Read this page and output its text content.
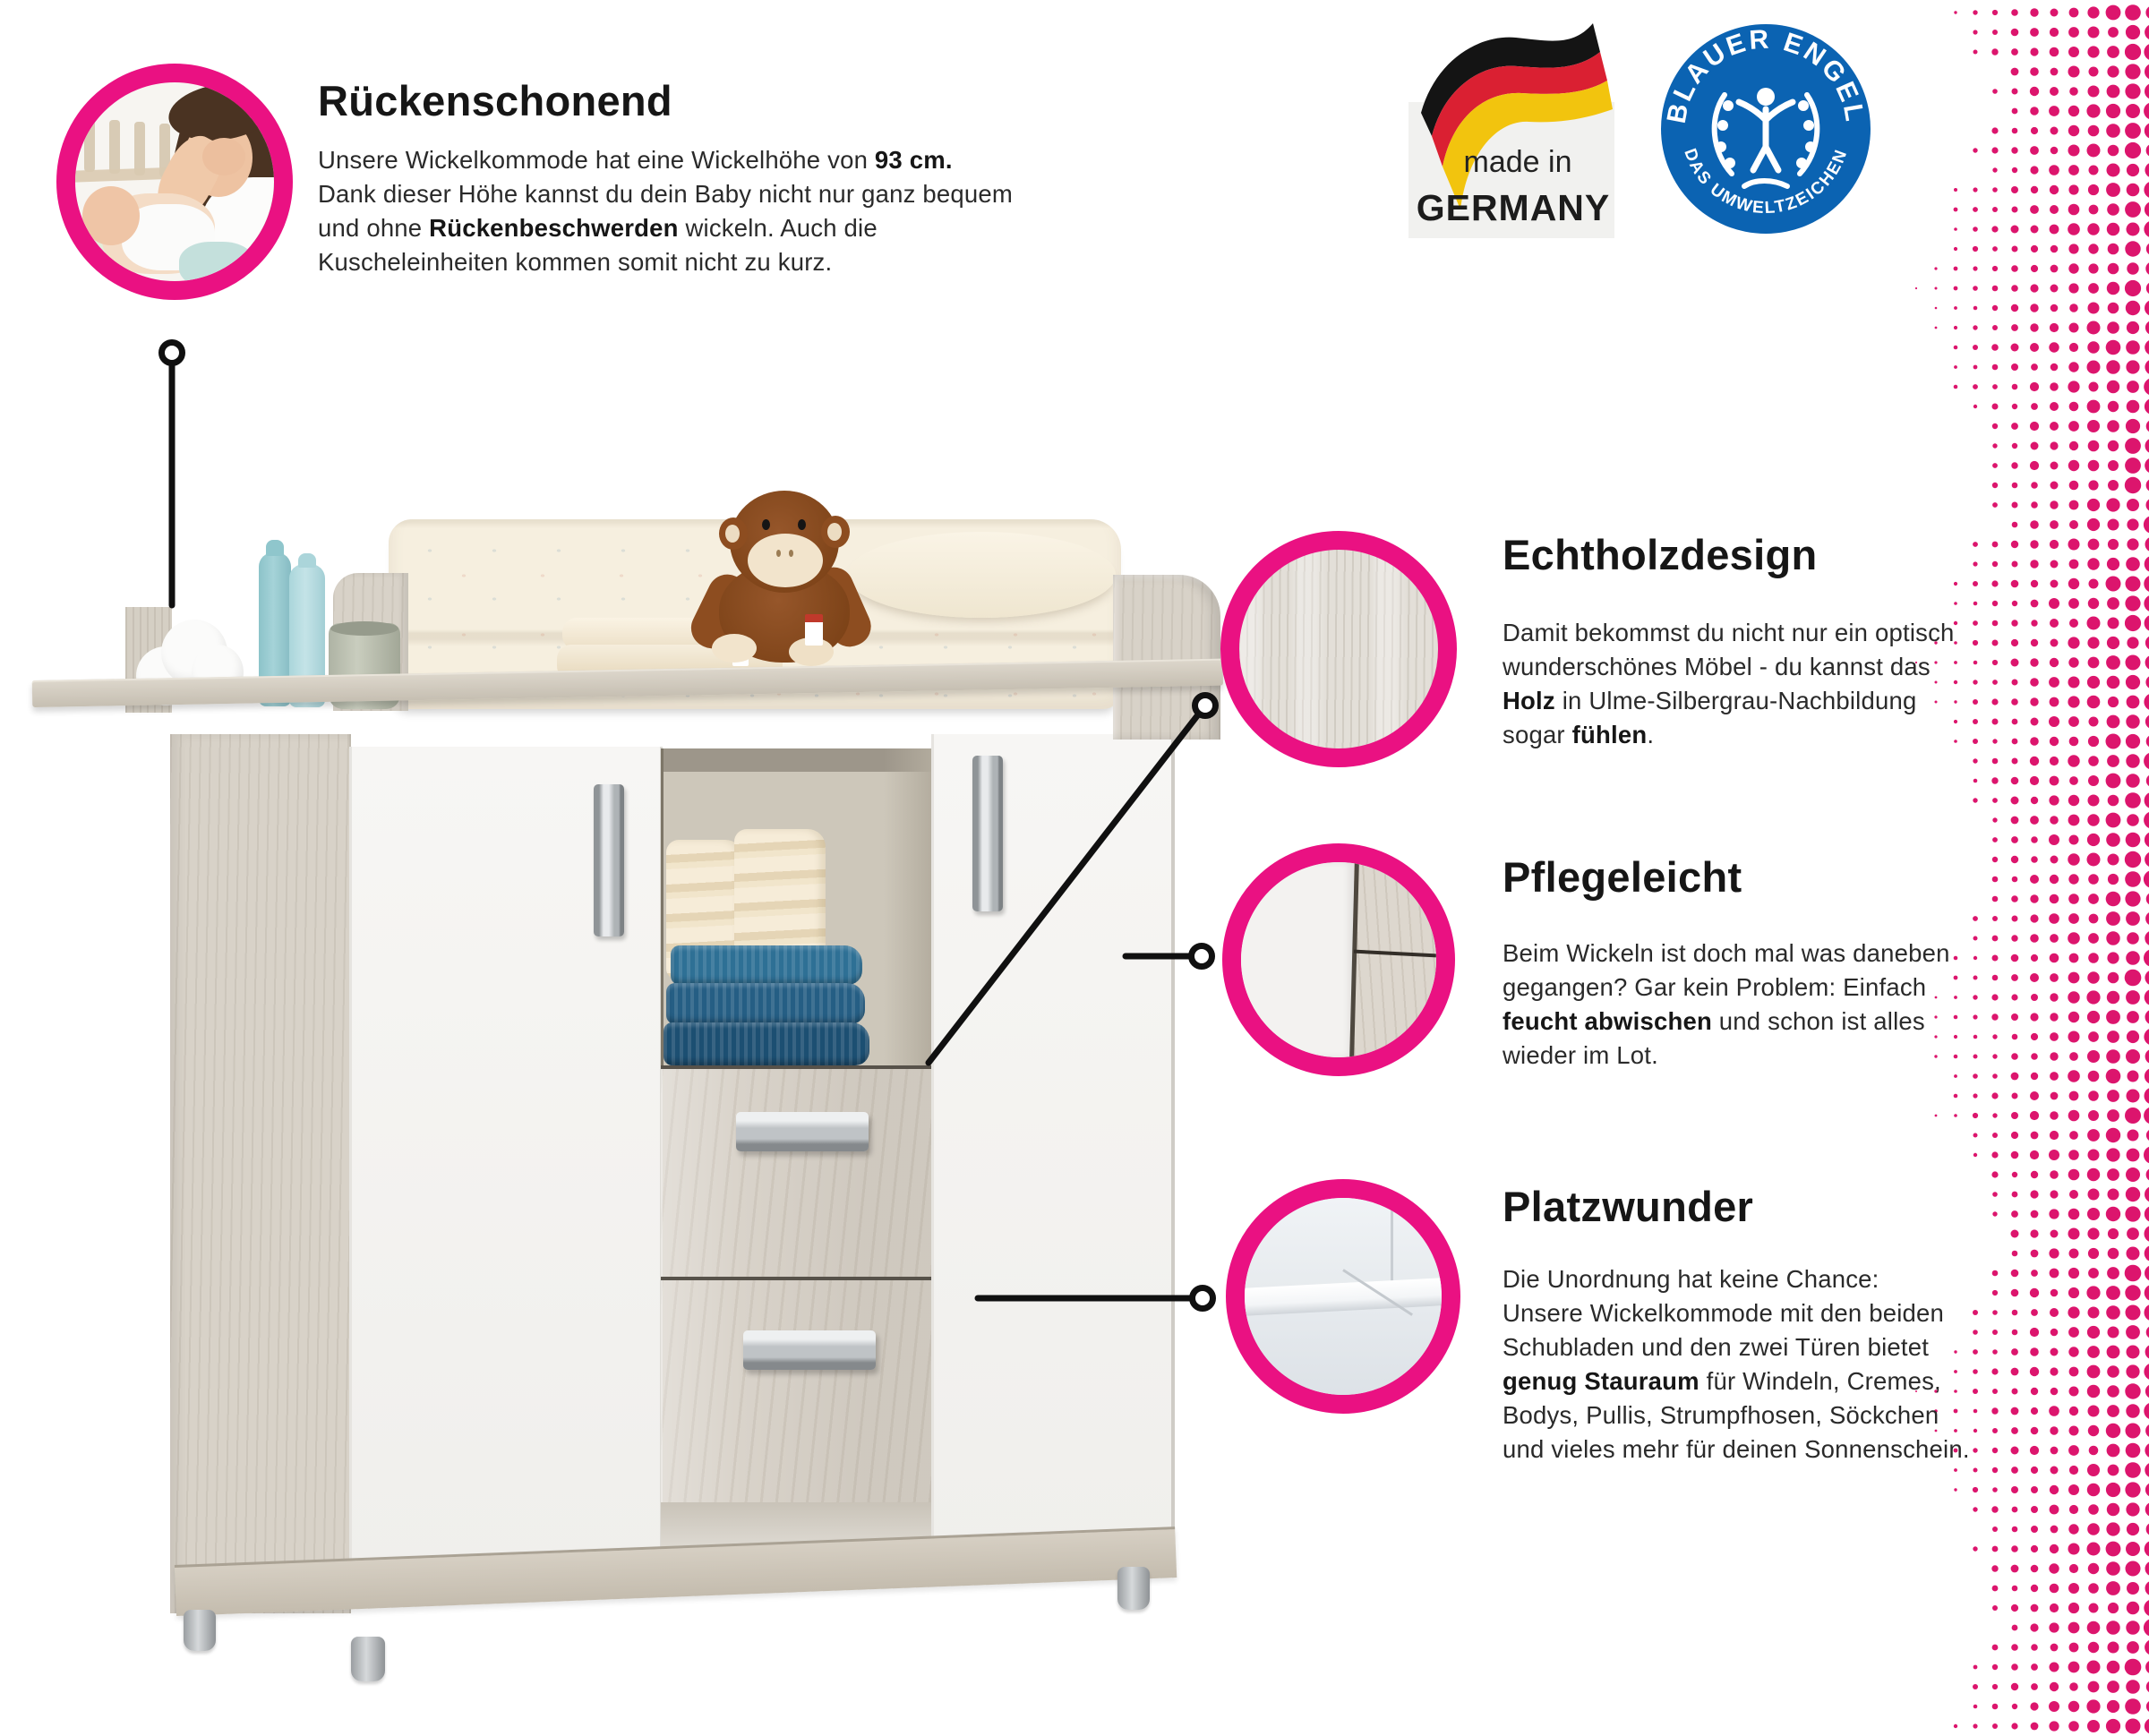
Rückenschonend

Unsere Wickelkommode hat eine Wickelhöhe von 93 cm. Dank dieser Höhe kannst du dein Baby nicht nur ganz bequem und ohne Rückenbeschwerden wickeln. Auch die Kuscheleinheiten kommen somit nicht zu kurz.

made in
GERMANY
BLAUER ENGEL
DAS UMWELTZEICHEN
Echtholzdesign

Damit bekommst du nicht nur ein optisch wunderschönes Möbel - du kannst das Holz in Ulme-Silbergrau-Nachbildung sogar fühlen.

Pflegeleicht

Beim Wickeln ist doch mal was daneben gegangen? Gar kein Problem: Einfach feucht abwischen und schon ist alles wieder im Lot.

Platzwunder

Die Unordnung hat keine Chance:
Unsere Wickelkommode mit den beiden Schubladen und den zwei Türen bietet genug Stauraum für Windeln, Cremes, Bodys, Pullis, Strumpfhosen, Söckchen und vieles mehr für deinen Sonnenschein.
